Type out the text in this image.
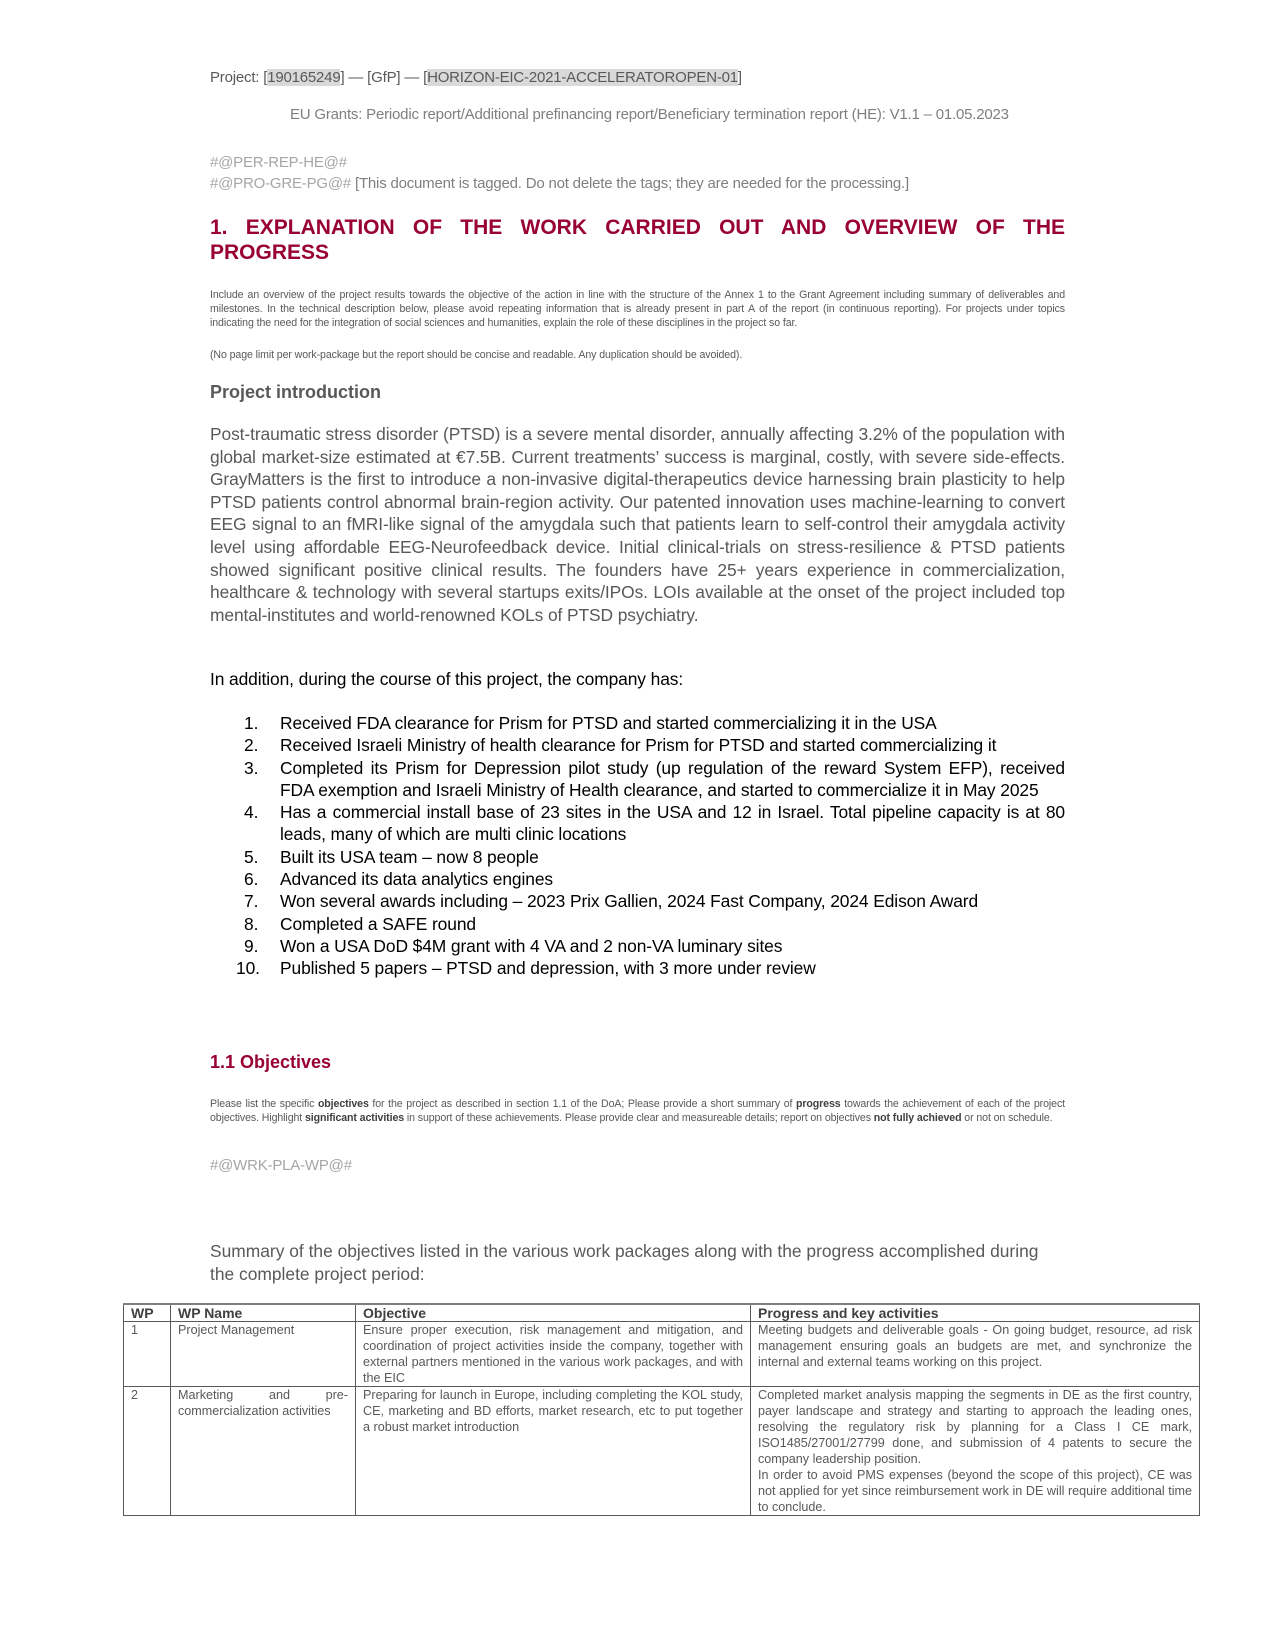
Project: [190165249] — [GfP] — [HORIZON-EIC-2021-ACCELERATOROPEN-01]
EU Grants: Periodic report/Additional prefinancing report/Beneficiary termination report (HE): V1.1 – 01.05.2023
#@PER-REP-HE@#
#@PRO-GRE-PG@# [This document is tagged. Do not delete the tags; they are needed for the processing.]
1. EXPLANATION OF THE WORK CARRIED OUT AND OVERVIEW OF THE PROGRESS
Include an overview of the project results towards the objective of the action in line with the structure of the Annex 1 to the Grant Agreement including summary of deliverables and milestones. In the technical description below, please avoid repeating information that is already present in part A of the report (in continuous reporting). For projects under topics indicating the need for the integration of social sciences and humanities, explain the role of these disciplines in the project so far.
(No page limit per work-package but the report should be concise and readable. Any duplication should be avoided).
Project introduction
Post-traumatic stress disorder (PTSD) is a severe mental disorder, annually affecting 3.2% of the population with global market-size estimated at €7.5B. Current treatments’ success is marginal, costly, with severe side-effects. GrayMatters is the first to introduce a non-invasive digital-therapeutics device harnessing brain plasticity to help PTSD patients control abnormal brain-region activity. Our patented innovation uses machine-learning to convert EEG signal to an fMRI-like signal of the amygdala such that patients learn to self-control their amygdala activity level using affordable EEG-Neurofeedback device. Initial clinical-trials on stress-resilience & PTSD patients showed significant positive clinical results. The founders have 25+ years experience in commercialization, healthcare & technology with several startups exits/IPOs. LOIs available at the onset of the project included top mental-institutes and world-renowned KOLs of PTSD psychiatry.
In addition, during the course of this project, the company has:
1. Received FDA clearance for Prism for PTSD and started commercializing it in the USA
2. Received Israeli Ministry of health clearance for Prism for PTSD and started commercializing it
3. Completed its Prism for Depression pilot study (up regulation of the reward System EFP), received FDA exemption and Israeli Ministry of Health clearance, and started to commercialize it in May 2025
4. Has a commercial install base of 23 sites in the USA and 12 in Israel. Total pipeline capacity is at 80 leads, many of which are multi clinic locations
5. Built its USA team – now 8 people
6. Advanced its data analytics engines
7. Won several awards including – 2023 Prix Gallien, 2024 Fast Company, 2024 Edison Award
8. Completed a SAFE round
9. Won a USA DoD $4M grant with 4 VA and 2 non-VA luminary sites
10. Published 5 papers – PTSD and depression, with 3 more under review
1.1 Objectives
Please list the specific objectives for the project as described in section 1.1 of the DoA; Please provide a short summary of progress towards the achievement of each of the project objectives. Highlight significant activities in support of these achievements. Please provide clear and measureable details; report on objectives not fully achieved or not on schedule.
#@WRK-PLA-WP@#
Summary of the objectives listed in the various work packages along with the progress accomplished during the complete project period:
WP	WP Name	Objective	Progress and key activities
1	Project Management	Ensure proper execution, risk management and mitigation, and coordination of project activities inside the company, together with external partners mentioned in the various work packages, and with the EIC	Meeting budgets and deliverable goals - On going budget, resource, ad risk management ensuring goals an budgets are met, and synchronize the internal and external teams working on this project.
2	Marketing and pre-commercialization activities	Preparing for launch in Europe, including completing the KOL study, CE, marketing and BD efforts, market research, etc to put together a robust market introduction	Completed market analysis mapping the segments in DE as the first country, payer landscape and strategy and starting to approach the leading ones, resolving the regulatory risk by planning for a Class I CE mark, ISO1485/27001/27799 done, and submission of 4 patents to secure the company leadership position.
In order to avoid PMS expenses (beyond the scope of this project), CE was not applied for yet since reimbursement work in DE will require additional time to conclude.
